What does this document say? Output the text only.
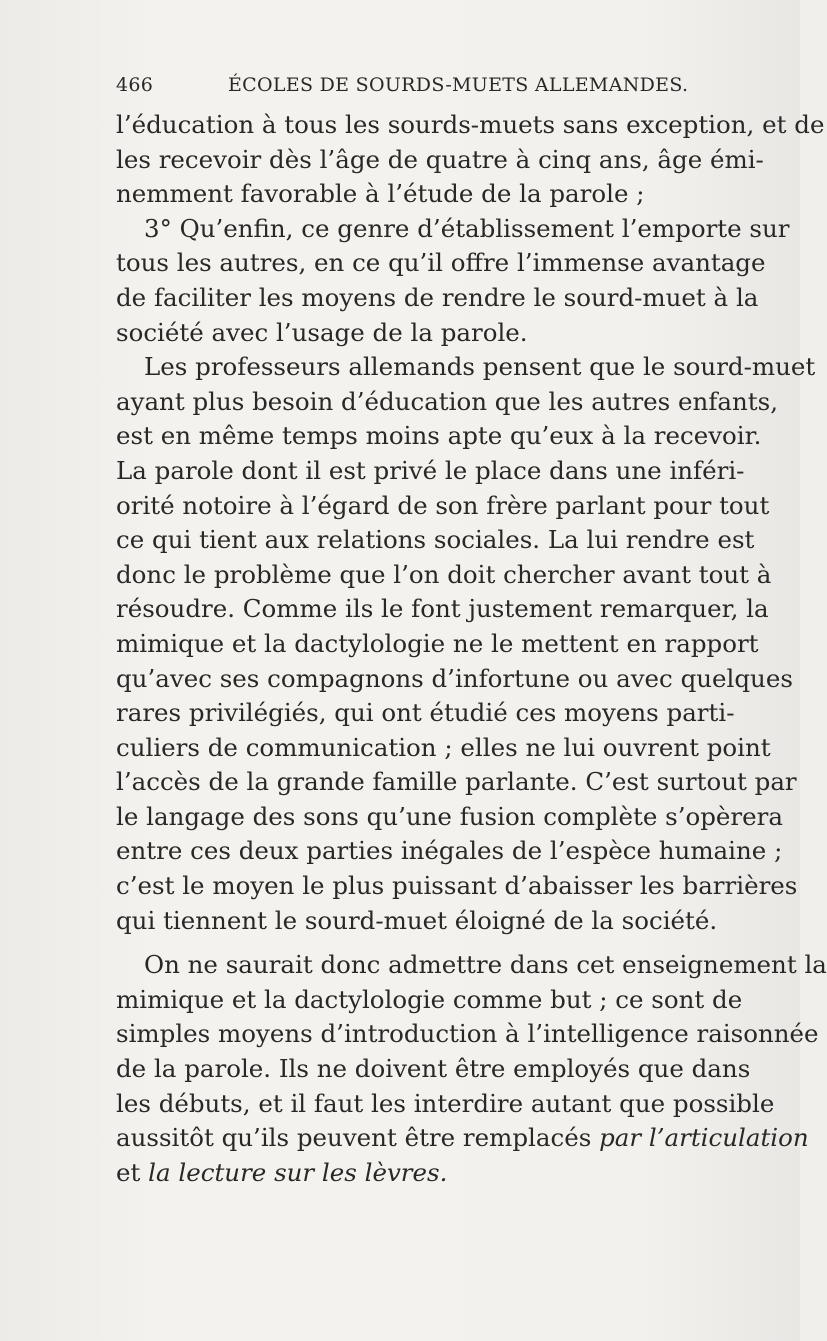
466	ÉCOLES DE SOURDS-MUETS ALLEMANDES.
l’éducation à tous les sourds-muets sans exception, et de
les recevoir dès l’âge de quatre à cinq ans, âge émi-
nemment favorable à l’étude de la parole ;
3° Qu’enfin, ce genre d’établissement l’emporte sur
tous les autres, en ce qu’il offre l’immense avantage
de faciliter les moyens de rendre le sourd-muet à la
société avec l’usage de la parole.
Les professeurs allemands pensent que le sourd-muet
ayant plus besoin d’éducation que les autres enfants,
est en même temps moins apte qu’eux à la recevoir.
La parole dont il est privé le place dans une inféri-
orité notoire à l’égard de son frère parlant pour tout
ce qui tient aux relations sociales. La lui rendre est
donc le problème que l’on doit chercher avant tout à
résoudre. Comme ils le font justement remarquer, la
mimique et la dactylologie ne le mettent en rapport
qu’avec ses compagnons d’infortune ou avec quelques
rares privilégiés, qui ont étudié ces moyens parti-
culiers de communication ; elles ne lui ouvrent point
l’accès de la grande famille parlante. C’est surtout par
le langage des sons qu’une fusion complète s’opèrera
entre ces deux parties inégales de l’espèce humaine ;
c’est le moyen le plus puissant d’abaisser les barrières
qui tiennent le sourd-muet éloigné de la société.
On ne saurait donc admettre dans cet enseignement la
mimique et la dactylologie comme but ; ce sont de
simples moyens d’introduction à l’intelligence raisonnée
de la parole. Ils ne doivent être employés que dans
les débuts, et il faut les interdire autant que possible
aussitôt qu’ils peuvent être remplacés par l’articulation
et la lecture sur les lèvres.
